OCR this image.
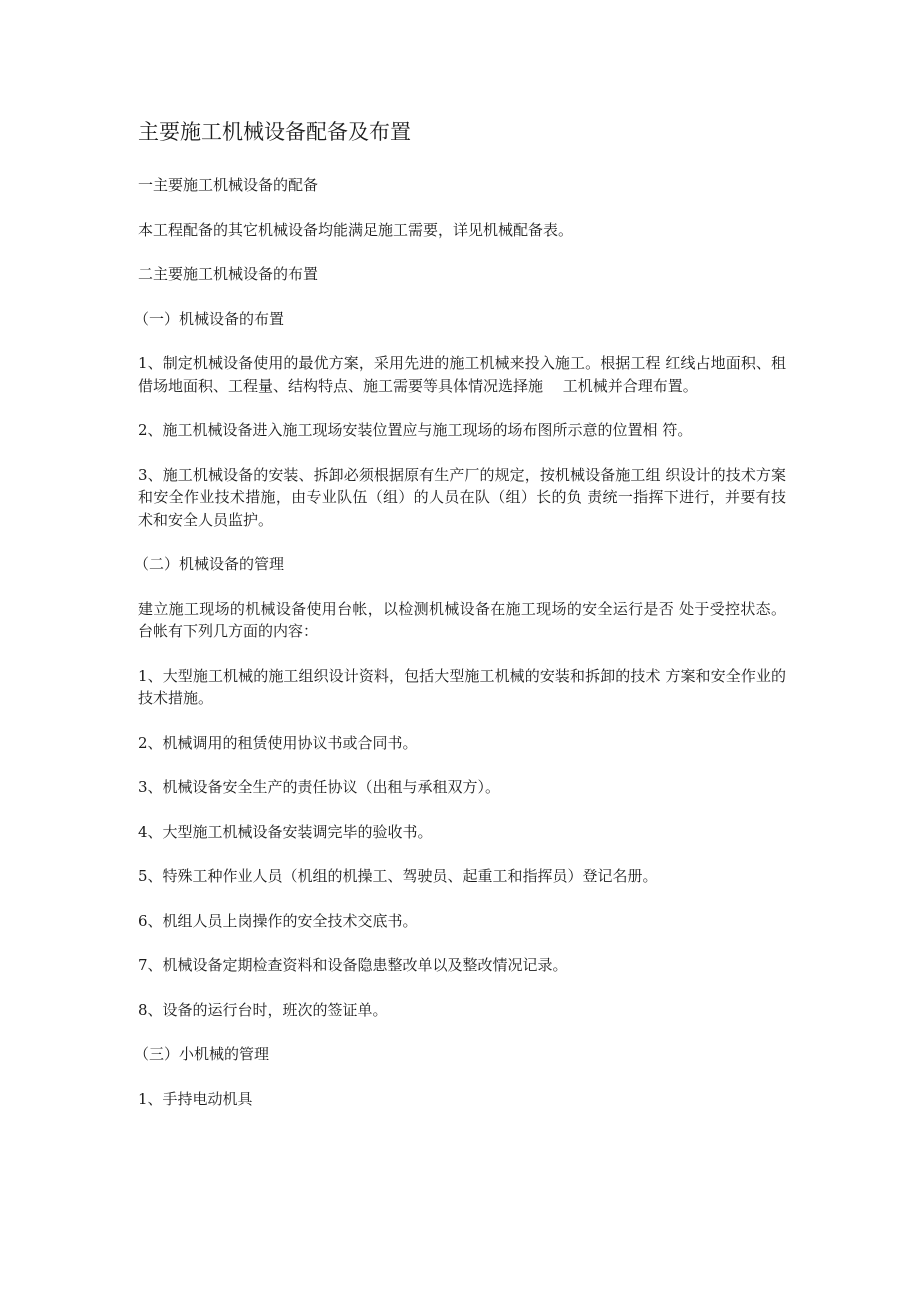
主要施工机械设备配备及布置

一主要施工机械设备的配备

本工程配备的其它机械设备均能满足施工需要，详见机械配备表。

二主要施工机械设备的布置

（一）机械设备的布置

1、制定机械设备使用的最优方案，采用先进的施工机械来投入施工。根据工程 红线占地面积、租借场地面积、工程量、结构特点、施工需要等具体情况选择施　 工机械并合理布置。

2、施工机械设备进入施工现场安装位置应与施工现场的场布图所示意的位置相 符。

3、施工机械设备的安装、拆卸必须根据原有生产厂的规定，按机械设备施工组 织设计的技术方案和安全作业技术措施，由专业队伍（组）的人员在队（组）长的负 责统一指挥下进行，并要有技术和安全人员监护。

（二）机械设备的管理

建立施工现场的机械设备使用台帐，以检测机械设备在施工现场的安全运行是否 处于受控状态。台帐有下列几方面的内容：

1、大型施工机械的施工组织设计资料，包括大型施工机械的安装和拆卸的技术 方案和安全作业的技术措施。

2、机械调用的租赁使用协议书或合同书。

3、机械设备安全生产的责任协议（出租与承租双方）。

4、大型施工机械设备安装调完毕的验收书。

5、特殊工种作业人员（机组的机操工、驾驶员、起重工和指挥员）登记名册。

6、机组人员上岗操作的安全技术交底书。

7、机械设备定期检查资料和设备隐患整改单以及整改情况记录。

8、设备的运行台时，班次的签证单。

（三）小机械的管理

1、手持电动机具
